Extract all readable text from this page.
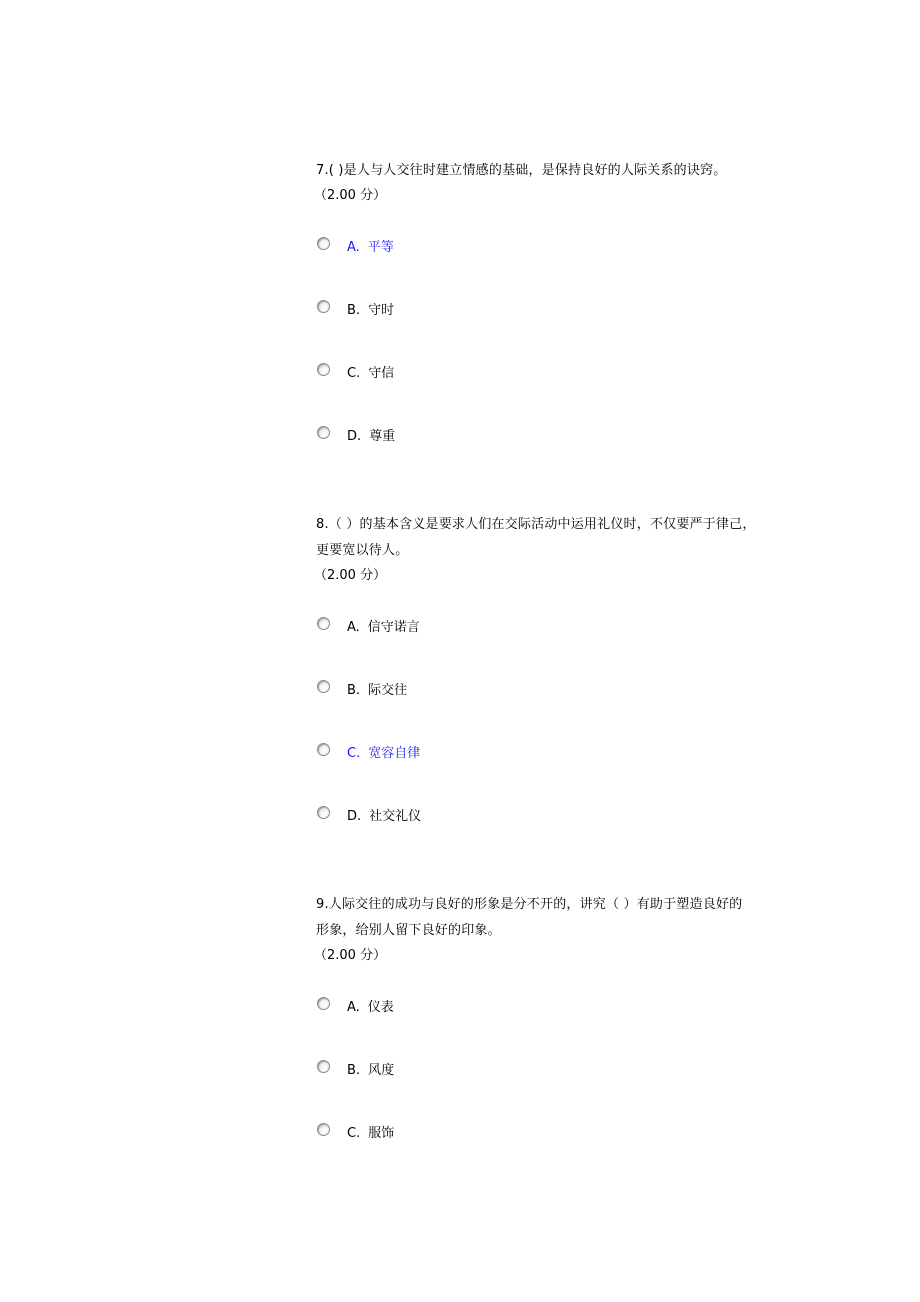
7.( )是人与人交往时建立情感的基础，是保持良好的人际关系的诀窍。

（2.00 分）

A. 平等
B. 守时
C. 守信
D. 尊重

8.（ ）的基本含义是要求人们在交际活动中运用礼仪时，不仅要严于律己，

更要宽以待人。

（2.00 分）

A. 信守诺言
B. 际交往
C. 宽容自律
D. 社交礼仪

9.人际交往的成功与良好的形象是分不开的，讲究（ ）有助于塑造良好的

形象，给别人留下良好的印象。

（2.00 分）

A. 仪表
B. 风度
C. 服饰
